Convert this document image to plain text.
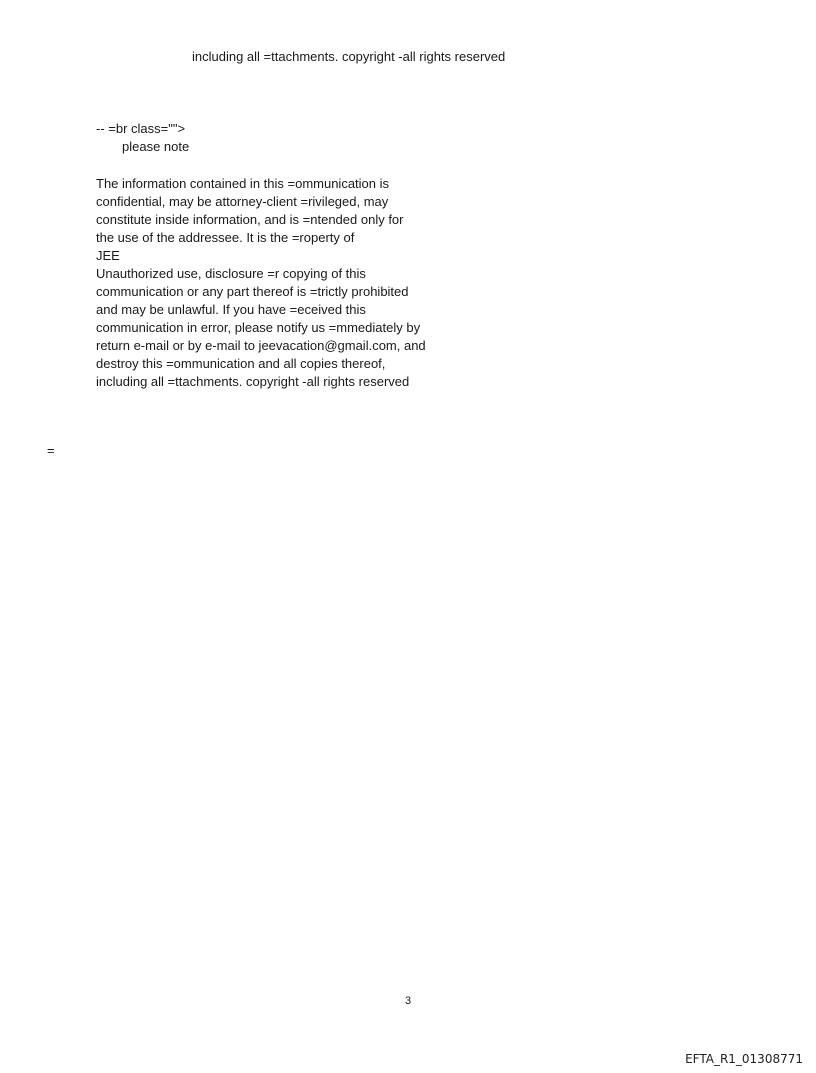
including all =ttachments. copyright -all rights reserved
-- =br class="">
please note
The information contained in this =ommunication is
confidential, may be attorney-client =rivileged, may
constitute inside information, and is =ntended only for
the use of the addressee. It is the =roperty of
JEE
Unauthorized use, disclosure =r copying of this
communication or any part thereof is =trictly prohibited
and may be unlawful. If you have =eceived this
communication in error, please notify us =mmediately by
return e-mail or by e-mail to jeevacation@gmail.com, and
destroy this =ommunication and all copies thereof,
including all =ttachments. copyright -all rights reserved
=
3
EFTA_R1_01308771
